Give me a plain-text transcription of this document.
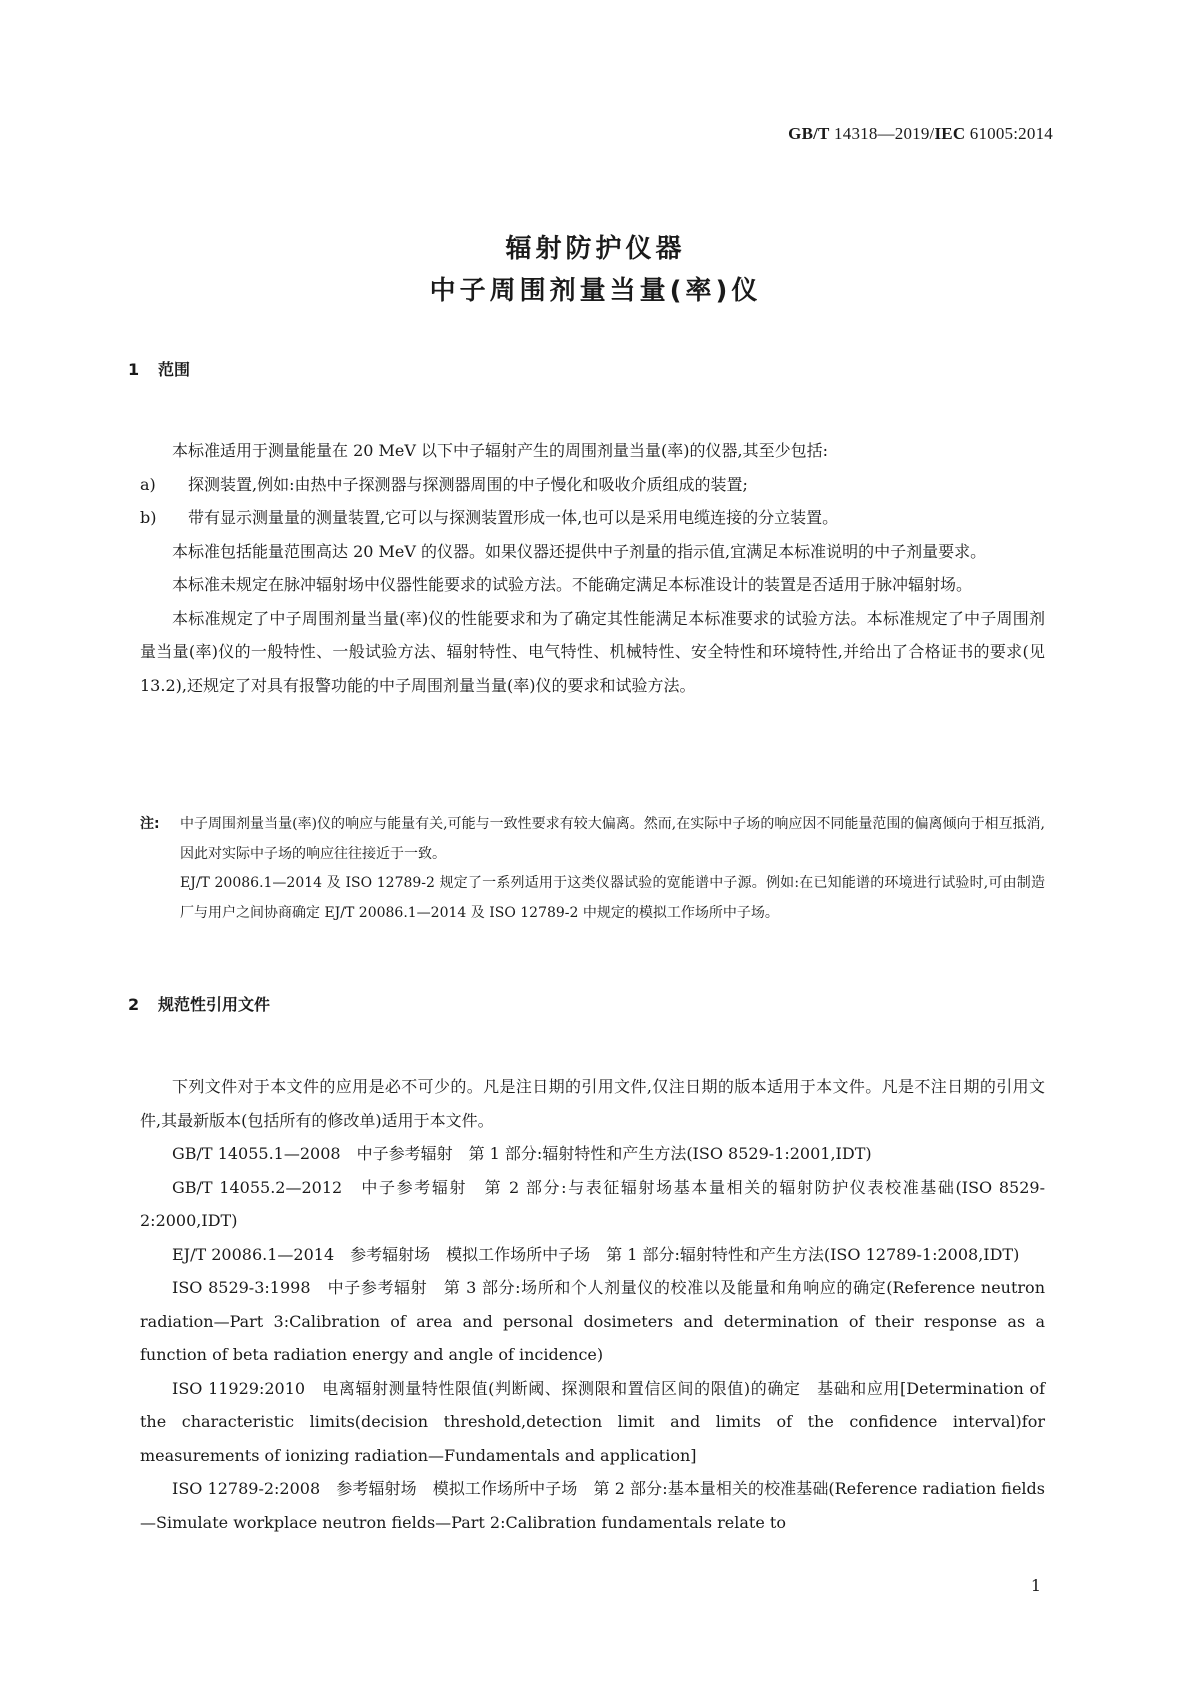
GB/T 14318—2019/IEC 61005:2014
辐射防护仪器
中子周围剂量当量(率)仪
1 范围

本标准适用于测量能量在 20 MeV 以下中子辐射产生的周围剂量当量(率)的仪器,其至少包括:

a)	探测装置,例如:由热中子探测器与探测器周围的中子慢化和吸收介质组成的装置;

b)	带有显示测量量的测量装置,它可以与探测装置形成一体,也可以是采用电缆连接的分立装置。

本标准包括能量范围高达 20 MeV 的仪器。如果仪器还提供中子剂量的指示值,宜满足本标准说明的中子剂量要求。

本标准未规定在脉冲辐射场中仪器性能要求的试验方法。不能确定满足本标准设计的装置是否适用于脉冲辐射场。

本标准规定了中子周围剂量当量(率)仪的性能要求和为了确定其性能满足本标准要求的试验方法。本标准规定了中子周围剂量当量(率)仪的一般特性、一般试验方法、辐射特性、电气特性、机械特性、安全特性和环境特性,并给出了合格证书的要求(见 13.2),还规定了对具有报警功能的中子周围剂量当量(率)仪的要求和试验方法。

注: 中子周围剂量当量(率)仪的响应与能量有关,可能与一致性要求有较大偏离。然而,在实际中子场的响应因不同能量范围的偏离倾向于相互抵消,因此对实际中子场的响应往往接近于一致。

EJ/T 20086.1—2014 及 ISO 12789-2 规定了一系列适用于这类仪器试验的宽能谱中子源。例如:在已知能谱的环境进行试验时,可由制造厂与用户之间协商确定 EJ/T 20086.1—2014 及 ISO 12789-2 中规定的模拟工作场所中子场。

2 规范性引用文件

下列文件对于本文件的应用是必不可少的。凡是注日期的引用文件,仅注日期的版本适用于本文件。凡是不注日期的引用文件,其最新版本(包括所有的修改单)适用于本文件。

GB/T 14055.1—2008　中子参考辐射　第 1 部分:辐射特性和产生方法(ISO 8529-1:2001,IDT)

GB/T 14055.2—2012　中子参考辐射　第 2 部分:与表征辐射场基本量相关的辐射防护仪表校准基础(ISO 8529-2:2000,IDT)

EJ/T 20086.1—2014　参考辐射场　模拟工作场所中子场　第 1 部分:辐射特性和产生方法(ISO 12789-1:2008,IDT)

ISO 8529-3:1998　中子参考辐射　第 3 部分:场所和个人剂量仪的校准以及能量和角响应的确定(Reference neutron radiation—Part 3:Calibration of area and personal dosimeters and determination of their response as a function of beta radiation energy and angle of incidence)

ISO 11929:2010　电离辐射测量特性限值(判断阈、探测限和置信区间的限值)的确定　基础和应用[Determination of the characteristic limits(decision threshold,detection limit and limits of the confidence interval)for measurements of ionizing radiation—Fundamentals and application]

ISO 12789-2:2008　参考辐射场　模拟工作场所中子场　第 2 部分:基本量相关的校准基础(Reference radiation fields—Simulate workplace neutron fields—Part 2:Calibration fundamentals relate to

1
